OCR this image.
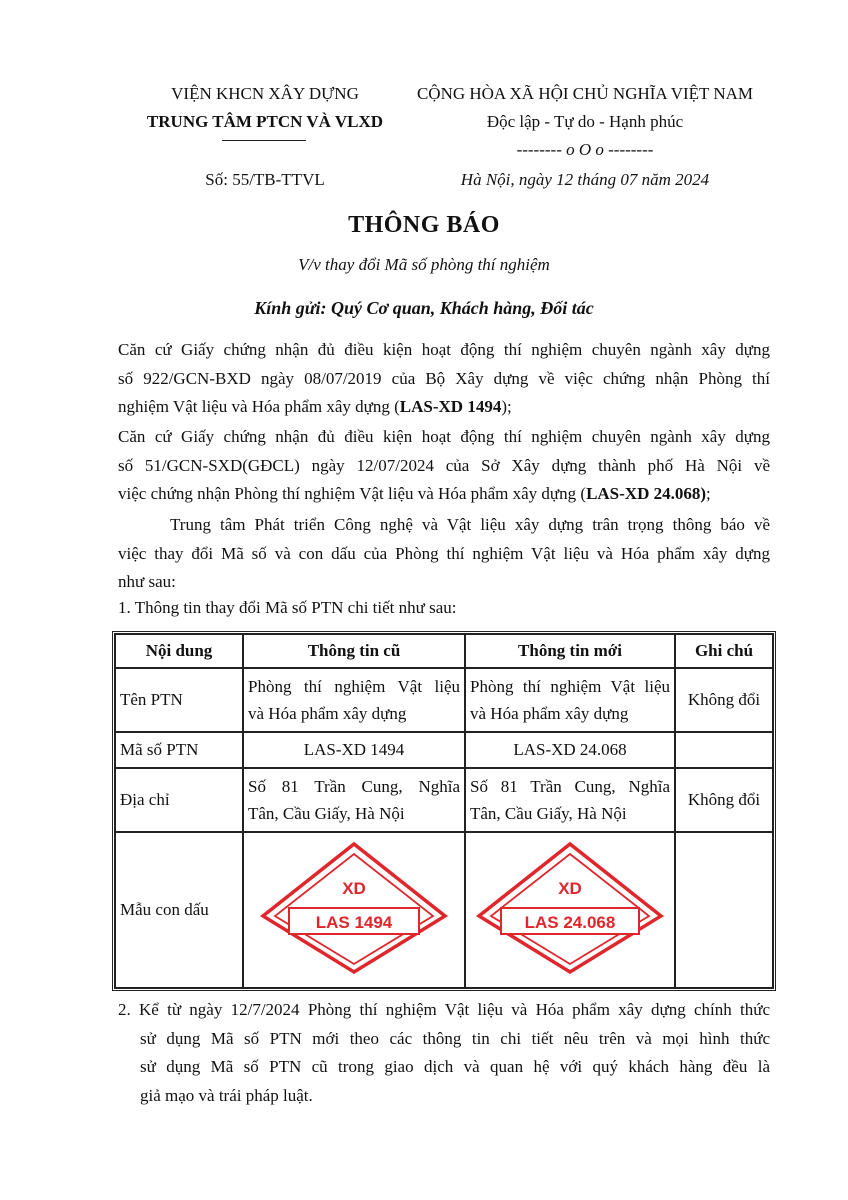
VIỆN KHCN XÂY DỰNG
TRUNG TÂM PTCN VÀ VLXD
Số: 55/TB-TTVL
CỘNG HÒA XÃ HỘI CHỦ NGHĨA VIỆT NAM
Độc lập - Tự do - Hạnh phúc
-------- o O o --------
Hà Nội, ngày 12 tháng 07 năm 2024
THÔNG BÁO
V/v thay đổi Mã số phòng thí nghiệm
Kính gửi: Quý Cơ quan, Khách hàng, Đối tác
Căn cứ Giấy chứng nhận đủ điều kiện hoạt động thí nghiệm chuyên ngành xây dựng
số 922/GCN-BXD ngày 08/07/2019 của Bộ Xây dựng về việc chứng nhận Phòng thí
nghiệm Vật liệu và Hóa phẩm xây dựng (LAS-XD 1494);
Căn cứ Giấy chứng nhận đủ điều kiện hoạt động thí nghiệm chuyên ngành xây dựng
số 51/GCN-SXD(GĐCL) ngày 12/07/2024 của Sở Xây dựng thành phố Hà Nội về
việc chứng nhận Phòng thí nghiệm Vật liệu và Hóa phẩm xây dựng (LAS-XD 24.068);
Trung tâm Phát triển Công nghệ và Vật liệu xây dựng trân trọng thông báo về
việc thay đổi Mã số và con dấu của Phòng thí nghiệm Vật liệu và Hóa phẩm xây dựng
như sau:
1. Thông tin thay đổi Mã số PTN chi tiết như sau:
Nội dung	Thông tin cũ	Thông tin mới	Ghi chú
Tên PTN	Phòng thí nghiệm Vật liệu
và Hóa phẩm xây dựng	Phòng thí nghiệm Vật liệu
và Hóa phẩm xây dựng	Không đổi
Mã số PTN	LAS-XD 1494	LAS-XD 24.068	
Địa chỉ	Số 81 Trần Cung, Nghĩa
Tân, Cầu Giấy, Hà Nội	Số 81 Trần Cung, Nghĩa
Tân, Cầu Giấy, Hà Nội	Không đổi
Mẫu con dấu	XD
LAS 1494	XD
LAS 24.068	

2. Kể từ ngày 12/7/2024 Phòng thí nghiệm Vật liệu và Hóa phẩm xây dựng chính thức
sử dụng Mã số PTN mới theo các thông tin chi tiết nêu trên và mọi hình thức
sử dụng Mã số PTN cũ trong giao dịch và quan hệ với quý khách hàng đều là
giả mạo và trái pháp luật.
